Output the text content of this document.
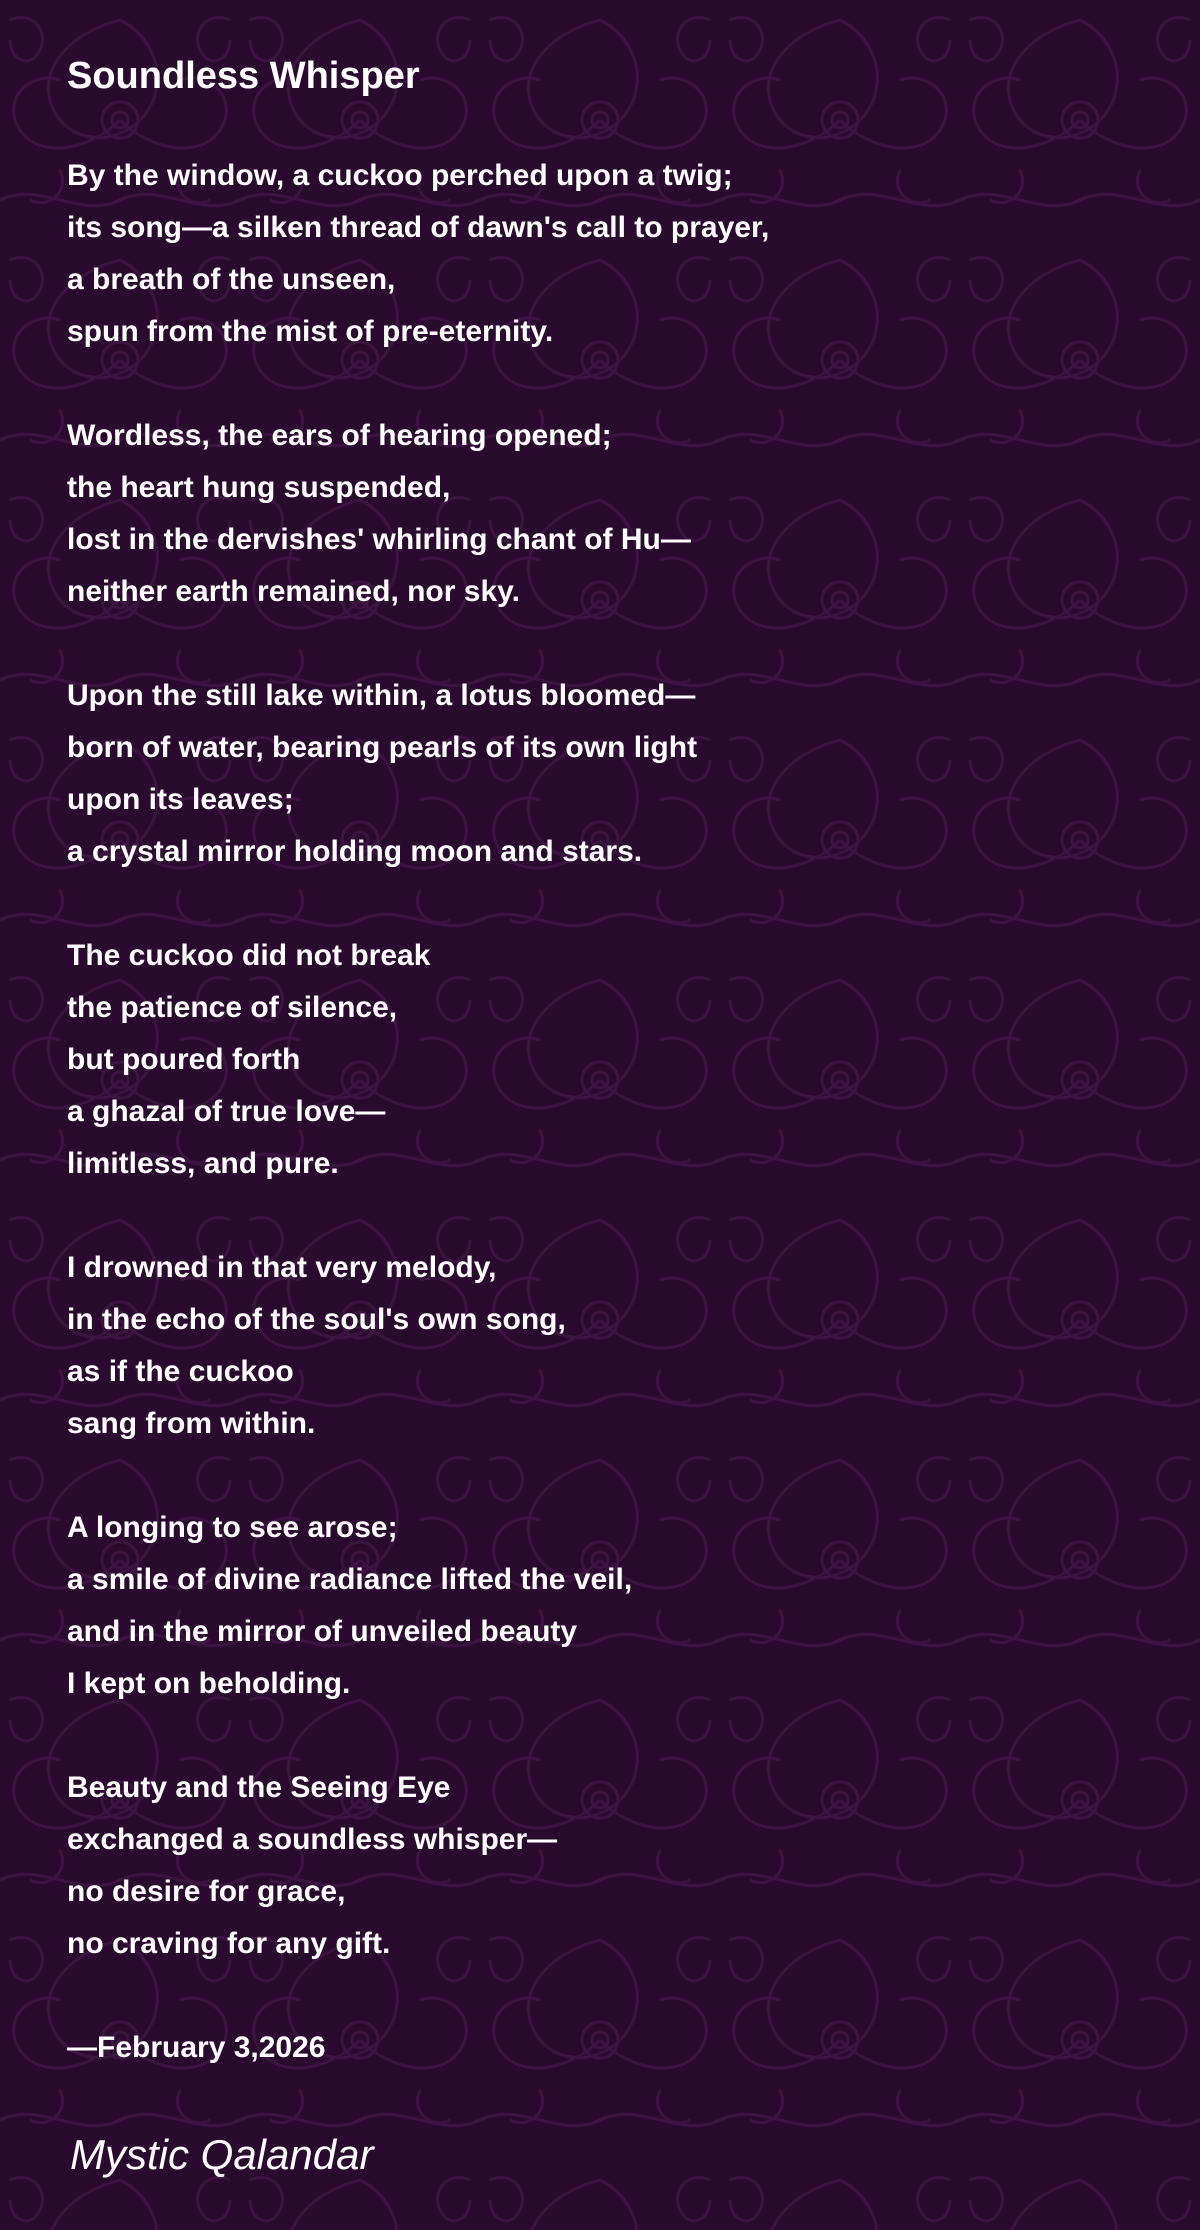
Soundless Whisper

By the window, a cuckoo perched upon a twig;
its song—a silken thread of dawn's call to prayer,
a breath of the unseen,
spun from the mist of pre-eternity.

Wordless, the ears of hearing opened;
the heart hung suspended,
lost in the dervishes' whirling chant of Hu—
neither earth remained, nor sky.

Upon the still lake within, a lotus bloomed—
born of water, bearing pearls of its own light
upon its leaves;
a crystal mirror holding moon and stars.

The cuckoo did not break
the patience of silence,
but poured forth
a ghazal of true love—
limitless, and pure.

I drowned in that very melody,
in the echo of the soul's own song,
as if the cuckoo
sang from within.

A longing to see arose;
a smile of divine radiance lifted the veil,
and in the mirror of unveiled beauty
I kept on beholding.

Beauty and the Seeing Eye
exchanged a soundless whisper—
no desire for grace,
no craving for any gift.

—February 3,2026
Mystic Qalandar
